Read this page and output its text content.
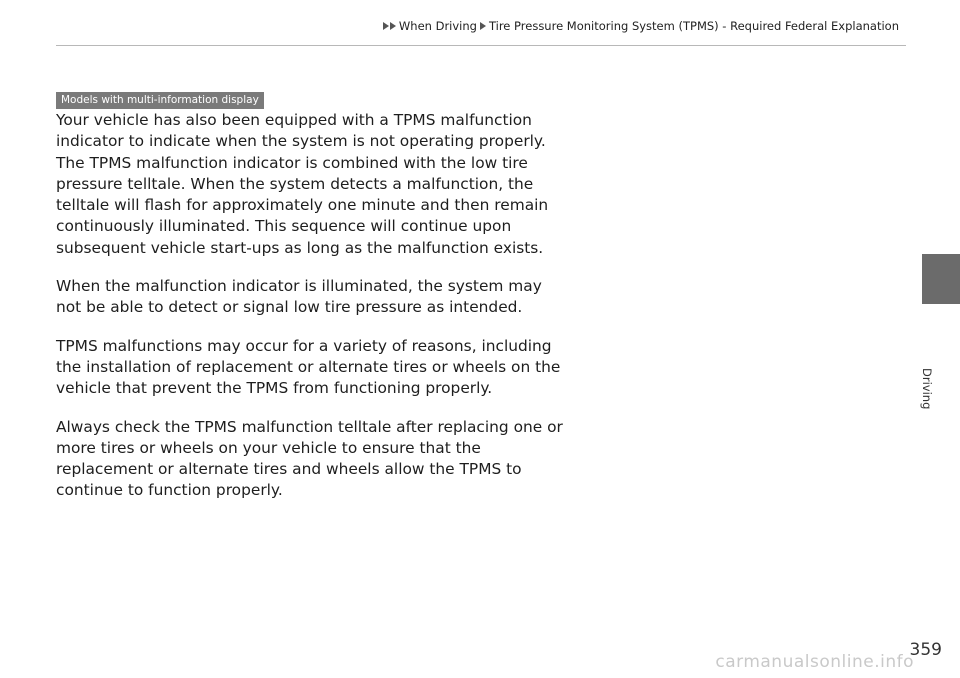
When Driving Tire Pressure Monitoring System (TPMS) - Required Federal Explanation
Models with multi-information display

Your vehicle has also been equipped with a TPMS malfunction indicator to indicate when the system is not operating properly. The TPMS malfunction indicator is combined with the low tire pressure telltale. When the system detects a malfunction, the telltale will flash for approximately one minute and then remain continuously illuminated. This sequence will continue upon subsequent vehicle start-ups as long as the malfunction exists.

When the malfunction indicator is illuminated, the system may not be able to detect or signal low tire pressure as intended.

TPMS malfunctions may occur for a variety of reasons, including the installation of replacement or alternate tires or wheels on the vehicle that prevent the TPMS from functioning properly.

Always check the TPMS malfunction telltale after replacing one or more tires or wheels on your vehicle to ensure that the replacement or alternate tires and wheels allow the TPMS to continue to function properly.

Driving
359
carmanualsonline.info
